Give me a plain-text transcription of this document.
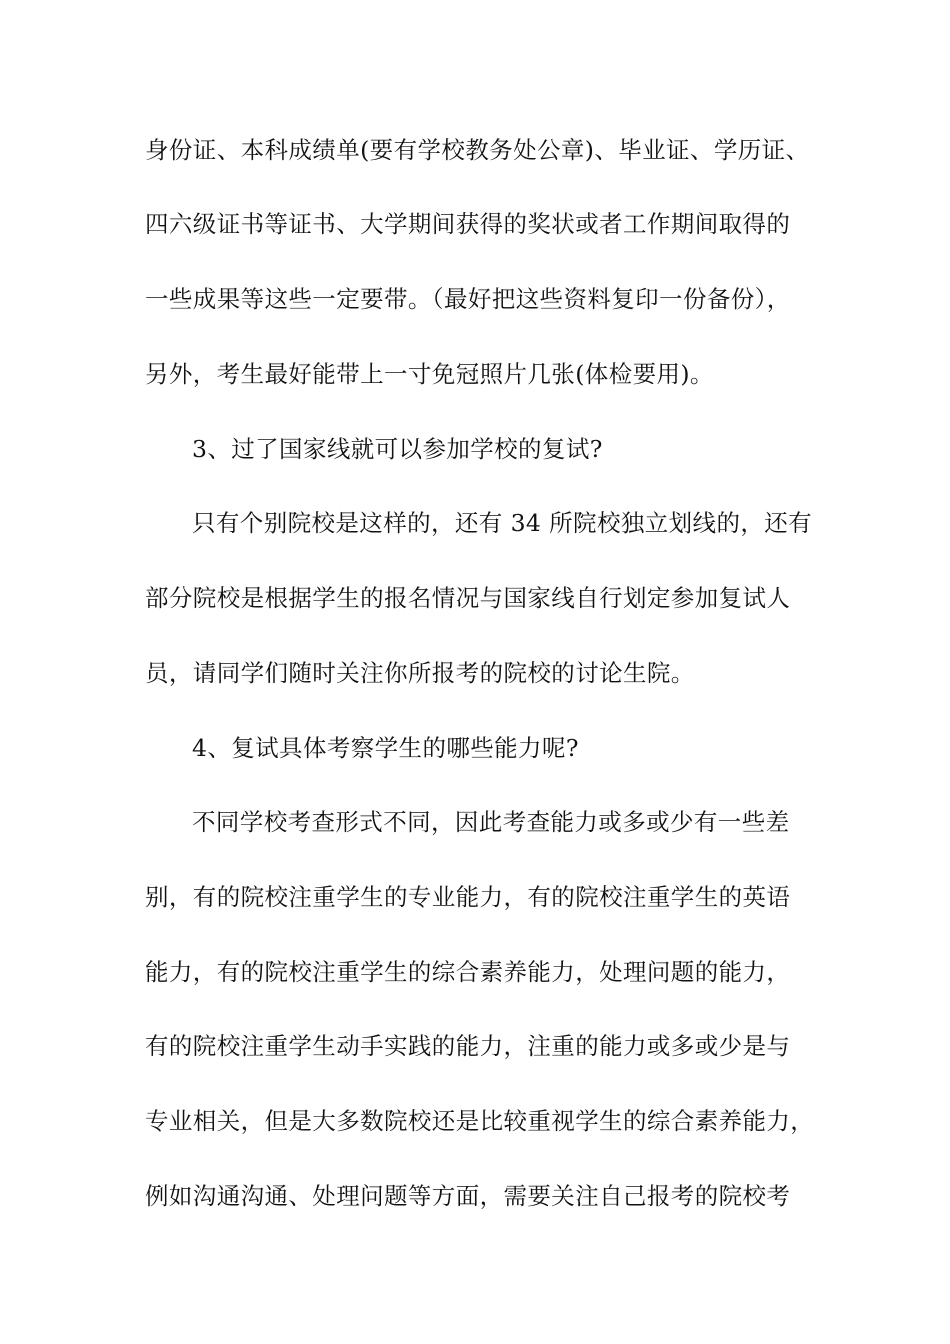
身份证、本科成绩单(要有学校教务处公章)、毕业证、学历证、
四六级证书等证书、大学期间获得的奖状或者工作期间取得的
一些成果等这些一定要带。（最好把这些资料复印一份备份），
另外，考生最好能带上一寸免冠照片几张(体检要用)。
3、过了国家线就可以参加学校的复试?
只有个别院校是这样的，还有 34 所院校独立划线的，还有
部分院校是根据学生的报名情况与国家线自行划定参加复试人
员，请同学们随时关注你所报考的院校的讨论生院。
4、复试具体考察学生的哪些能力呢?
不同学校考查形式不同，因此考查能力或多或少有一些差
别，有的院校注重学生的专业能力，有的院校注重学生的英语
能力，有的院校注重学生的综合素养能力，处理问题的能力，
有的院校注重学生动手实践的能力，注重的能力或多或少是与
专业相关，但是大多数院校还是比较重视学生的综合素养能力，
例如沟通沟通、处理问题等方面，需要关注自己报考的院校考
